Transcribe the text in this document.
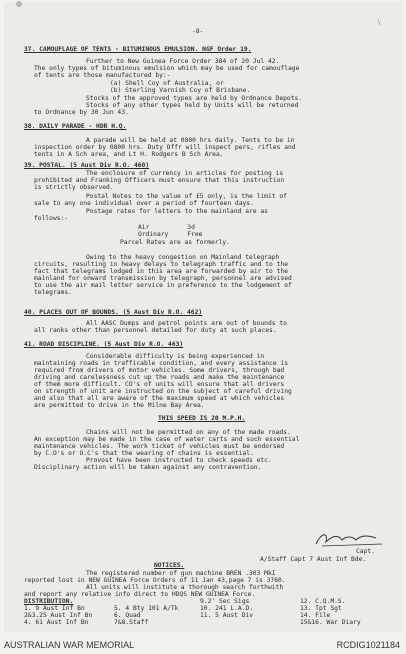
\
-8-
37. CAMOUFLAGE OF TENTS - BITUMINOUS EMULSION. NGF Order 19.
Further to New Guinea Force Order 384 of 20 Jul 42.
The only types of bituminous emulsion which may be used for camouflage
of tents are those manufactured by:-
(a) Shell Coy of Australia, or
(b) Sterling Varnish Coy of Brisbane.
Stocks of the approved types are held by Ordnance Depots.
Stocks of any other types held by Units will be returned
to Ordnance by 30 Jun 43.
38. DAILY PARADE - HDR H.Q.
A parade will be held at 0800 hrs daily. Tents to be in
inspection order by 0800 hrs. Duty Offr will inspect pers, rifles and
tents in A Sch area, and Lt H. Rodgers B Sch Area.
39. POSTAL. (5 Aust Div R.O. 460)
The enclosure of currency in articles for posting is
prohibited and Franking Officers must ensure that this instruction
is strictly observed.
Postal Notes to the value of £5 only, is the limit of
sale to any one individual over a period of fourteen days.
Postage rates for letters to the mainland are as
follows:-
Air          3d
Ordinary     Free
Parcel Rates are as formerly.
Owing to the heavy congestion on Mainland telegraph
circuits, resulting in heavy delays to telegraph traffic and to the
fact that telegrams lodged in this area are forwarded by air to the
mainland for onward transmission by telegraph, personnel are advised
to use the air mail letter service in preference to the lodgement of
telegrams.
40. PLACES OUT OF BOUNDS. (5 Aust Div R.O. 462)
All AASC Dumps and petrol points are out of bounds to
all ranks other than personnel detailed for duty at such places.
41. ROAD DISCIPLINE. (5 Aust Div R.O. 463)
Considerable difficulty is being experienced in
maintaining roads in trafficable condition, and every assistance is
required from drivers of motor vehicles. Some drivers, through bad
driving and carelessness cut up the roads and make the maintenance
of them more difficult. CO's of units will ensure that all drivers
on strength of unit are instructed on the subject of careful driving
and also that all are aware of the maximum speed at which vehicles
are permitted to drive in the Milne Bay Area.
THIS SPEED IS 20 M.P.H.
Chains will not be permitted on any of the made roads.
An exception may be made in the case of water carts and such essential
maintenance vehicles. The work ticket of vehicles must be endorsed
by C.O's or O.C's that the wearing of chains is essential.
Provost have been instructed to check speeds etc.
Disciplinary action will be taken against any contravention.
Capt.
A/Staff Capt 7 Aust Inf Bde.
NOTICES.
The registered number of gun machine BREN .303 MkI
reported lost in NEW GUINEA Force Orders of 11 Jan 43,page 7 is 3760.
All units will institute a thorough search forthwith
and report any relative info direct to HDQS NEW GUINEA Force.
DISTRIBUTION.
1. 9 Aust Inf Bn
2&3.25 Aust Inf Bn
4. 61 Aust Inf Bn
5. 4 Bty 101 A/Tk
6. Quad
7&8.Staff
9.2' Sec Sigs
10. 241 L.A.D.
11. 5 Aust Div
12. C.Q.M.S.
13. Tpt Sgt
14. File
15&16. War Diary
AUSTRALIAN WAR MEMORIAL	RCDIG1021184
